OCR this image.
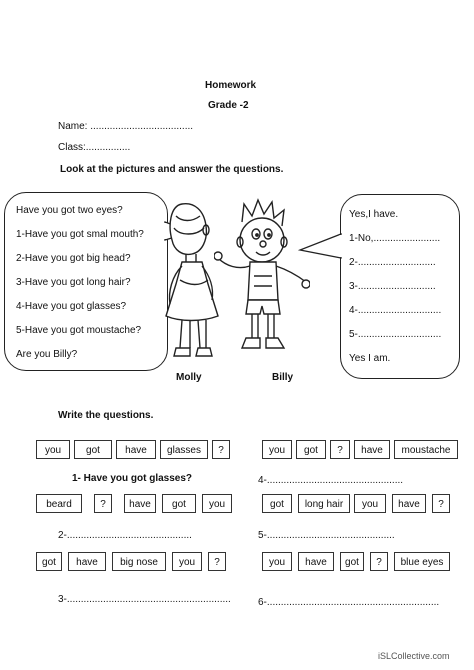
Homework
Grade -2
Name: .....................................
Class:................
Look at the pictures and answer the questions.
Have you got two eyes?
1-Have you got smal mouth?
2-Have you got big head?
3-Have you got long hair?
4-Have you got glasses?
5-Have you got moustache?
Are you Billy?
Yes,I have.
1-No,........................
2-............................
3-............................
4-..............................
5-..............................
Yes I am.
Molly	Billy
Write the questions.
you	got	have	glasses	?	you	got	?	have	moustache
1- Have you got glasses?	4-.................................................
beard	?	have	got	you	got	long hair	you	have	?
2-.............................................	5-..............................................
got	have	big nose	you	?	you	have	got	?	blue eyes
3-...........................................................	6-..............................................................
iSLCollective.com
